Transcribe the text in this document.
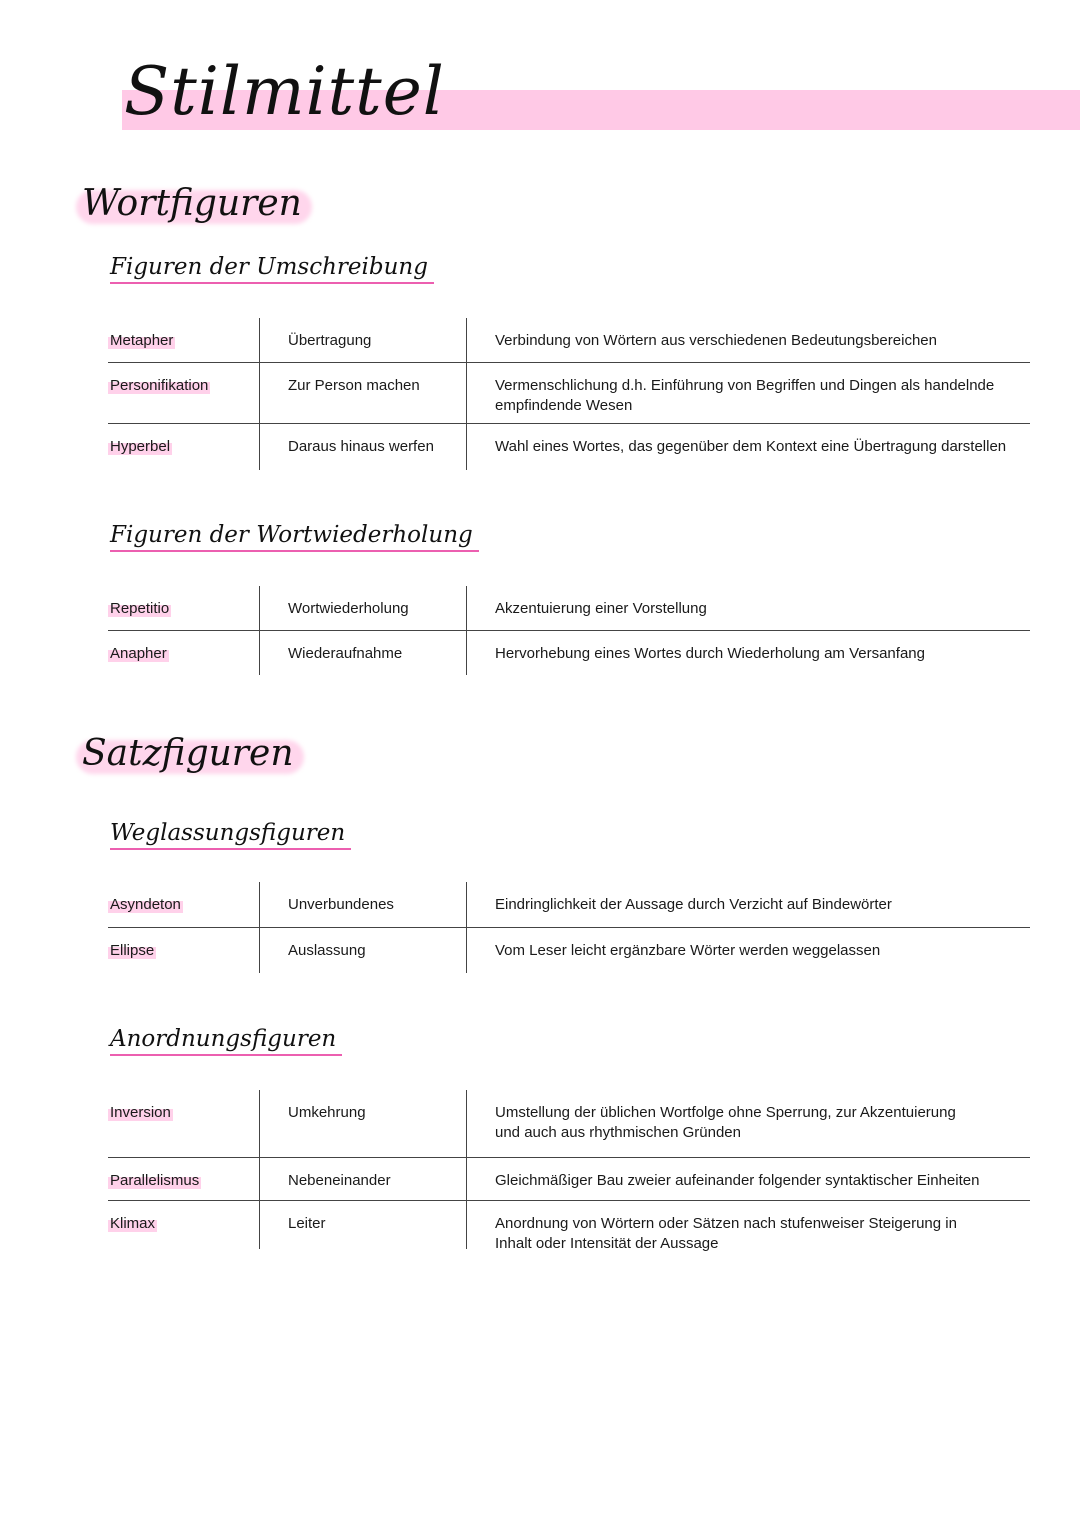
Stilmittel
Wortfiguren
Figuren der Umschreibung
Metapher	Übertragung	Verbindung von Wörtern aus verschiedenen Bedeutungsbereichen
Personifikation	Zur Person machen	Vermenschlichung d.h. Einführung von Begriffen und Dingen als handelnde empfindende Wesen
Hyperbel	Daraus hinaus werfen	Wahl eines Wortes, das gegenüber dem Kontext eine Übertragung darstellen
Figuren der Wortwiederholung
Repetitio	Wortwiederholung	Akzentuierung einer Vorstellung
Anapher	Wiederaufnahme	Hervorhebung eines Wortes durch Wiederholung am Versanfang
Satzfiguren
Weglassungsfiguren
Asyndeton	Unverbundenes	Eindringlichkeit der Aussage durch Verzicht auf Bindewörter
Ellipse	Auslassung	Vom Leser leicht ergänzbare Wörter werden weggelassen
Anordnungsfiguren
Inversion	Umkehrung	Umstellung der üblichen Wortfolge ohne Sperrung, zur Akzentuierung und auch aus rhythmischen Gründen
Parallelismus	Nebeneinander	Gleichmäßiger Bau zweier aufeinander folgender syntaktischer Einheiten
Klimax	Leiter	Anordnung von Wörtern oder Sätzen nach stufenweiser Steigerung in Inhalt oder Intensität der Aussage
